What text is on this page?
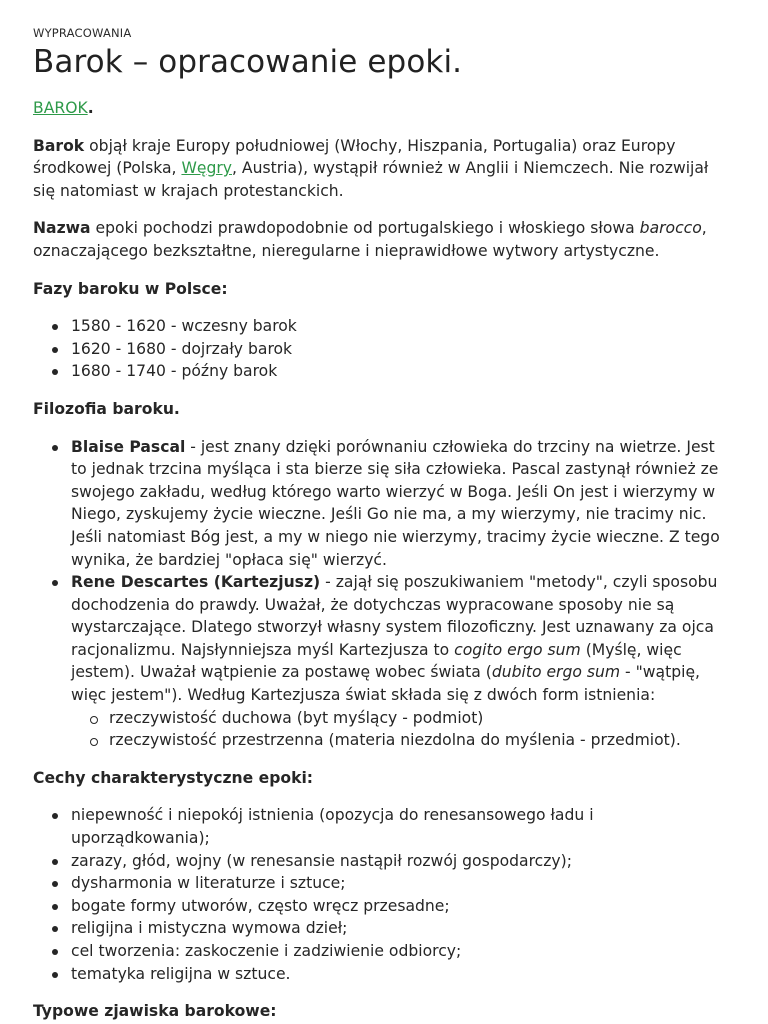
WYPRACOWANIA
Barok – opracowanie epoki.

BAROK.

Barok objął kraje Europy południowej (Włochy, Hiszpania, Portugalia) oraz Europy środkowej (Polska, Węgry, Austria), wystąpił również w Anglii i Niemczech. Nie rozwijał się natomiast w krajach protestanckich.

Nazwa epoki pochodzi prawdopodobnie od portugalskiego i włoskiego słowa barocco, oznaczającego bezkształtne, nieregularne i nieprawidłowe wytwory artystyczne.

Fazy baroku w Polsce:
1580 - 1620 - wczesny barok
1620 - 1680 - dojrzały barok
1680 - 1740 - późny barok
Filozofia baroku.
Blaise Pascal - jest znany dzięki porównaniu człowieka do trzciny na wietrze. Jest to jednak trzcina myśląca i sta bierze się siła człowieka. Pascal zastynął również ze swojego zakładu, według którego warto wierzyć w Boga. Jeśli On jest i wierzymy w Niego, zyskujemy życie wieczne. Jeśli Go nie ma, a my wierzymy, nie tracimy nic. Jeśli natomiast Bóg jest, a my w niego nie wierzymy, tracimy życie wieczne. Z tego wynika, że bardziej "opłaca się" wierzyć.
Rene Descartes (Kartezjusz) - zajął się poszukiwaniem "metody", czyli sposobu dochodzenia do prawdy. Uważał, że dotychczas wypracowane sposoby nie są wystarczające. Dlatego stworzył własny system filozoficzny. Jest uznawany za ojca racjonalizmu. Najsłynniejsza myśl Kartezjusza to cogito ergo sum (Myślę, więc jestem). Uważał wątpienie za postawę wobec świata (dubito ergo sum - "wątpię, więc jestem"). Według Kartezjusza świat składa się z dwóch form istnienia:
rzeczywistość duchowa (byt myślący - podmiot)
rzeczywistość przestrzenna (materia niezdolna do myślenia - przedmiot).
Cechy charakterystyczne epoki:
niepewność i niepokój istnienia (opozycja do renesansowego ładu i uporządkowania);
zarazy, głód, wojny (w renesansie nastąpił rozwój gospodarczy);
dysharmonia w literaturze i sztuce;
bogate formy utworów, często wręcz przesadne;
religijna i mistyczna wymowa dzieł;
cel tworzenia: zaskoczenie i zadziwienie odbiorcy;
tematyka religijna w sztuce.
Typowe zjawiska barokowe:
